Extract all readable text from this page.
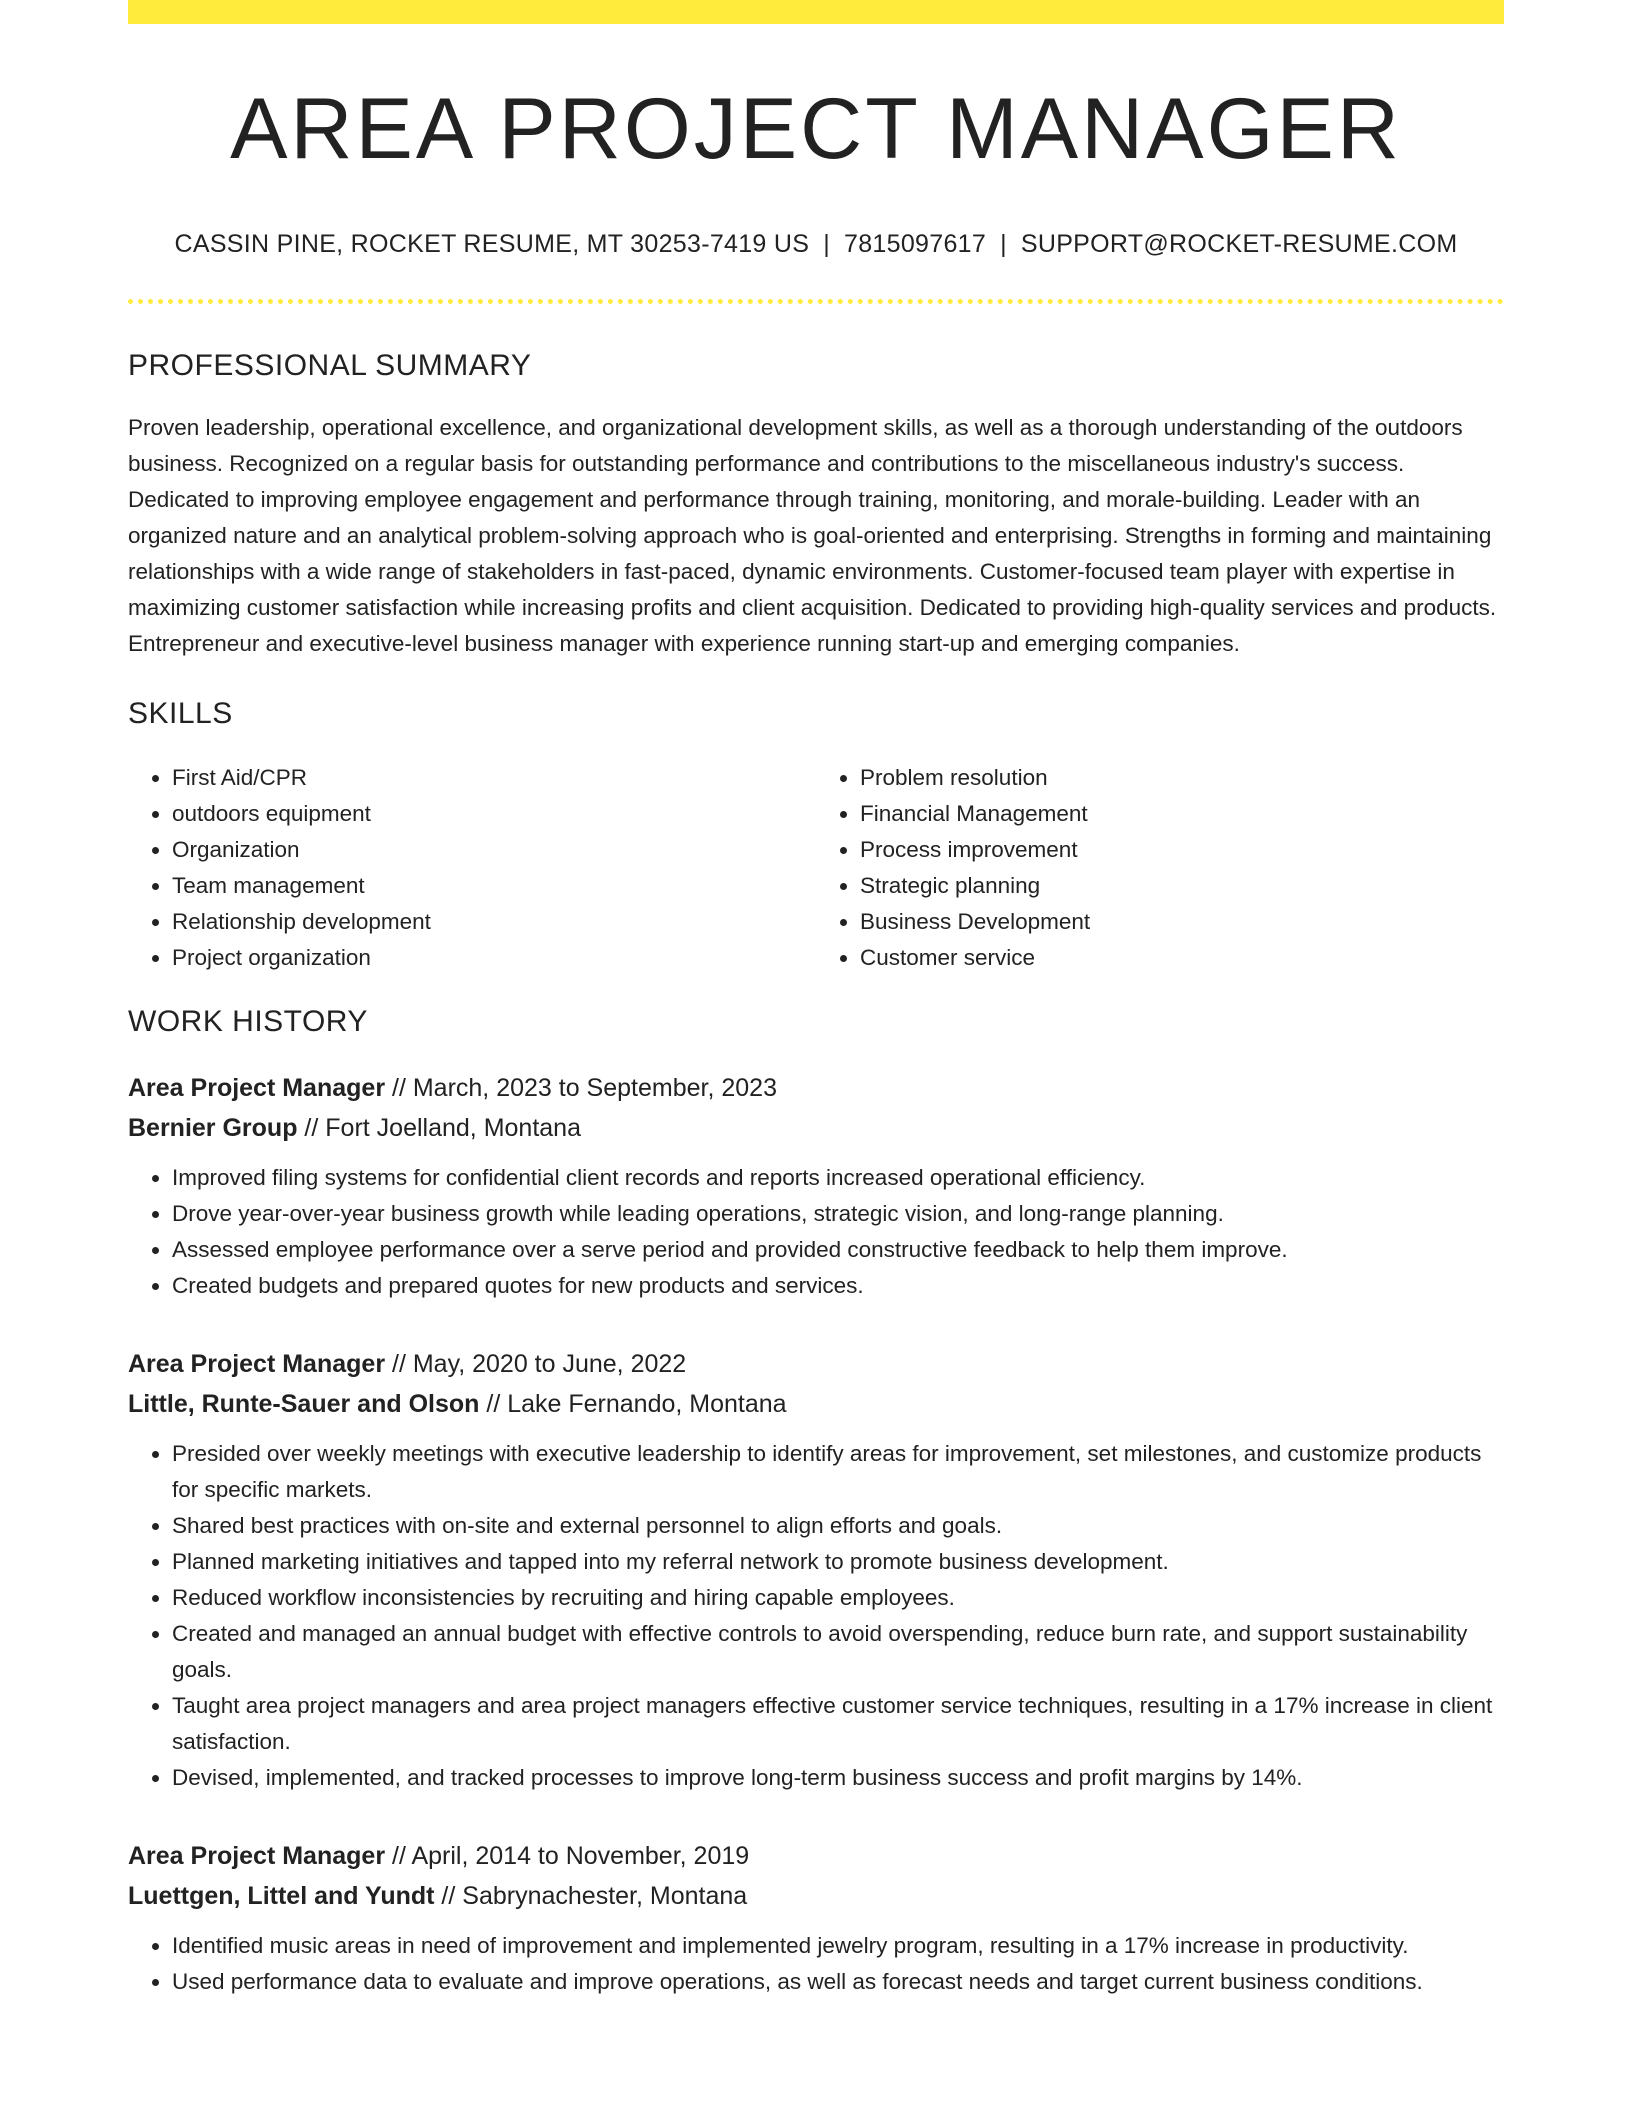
AREA PROJECT MANAGER
CASSIN PINE, ROCKET RESUME, MT 30253-7419 US | 7815097617 | SUPPORT@ROCKET-RESUME.COM
PROFESSIONAL SUMMARY

Proven leadership, operational excellence, and organizational development skills, as well as a thorough understanding of the outdoors business. Recognized on a regular basis for outstanding performance and contributions to the miscellaneous industry's success. Dedicated to improving employee engagement and performance through training, monitoring, and morale-building. Leader with an organized nature and an analytical problem-solving approach who is goal-oriented and enterprising. Strengths in forming and maintaining relationships with a wide range of stakeholders in fast-paced, dynamic environments. Customer-focused team player with expertise in maximizing customer satisfaction while increasing profits and client acquisition. Dedicated to providing high-quality services and products. Entrepreneur and executive-level business manager with experience running start-up and emerging companies.

SKILLS
• First Aid/CPR
• outdoors equipment
• Organization
• Team management
• Relationship development
• Project organization
• Problem resolution
• Financial Management
• Process improvement
• Strategic planning
• Business Development
• Customer service
WORK HISTORY
Area Project Manager // March, 2023 to September, 2023
Bernier Group // Fort Joelland, Montana
• Improved filing systems for confidential client records and reports increased operational efficiency.
• Drove year-over-year business growth while leading operations, strategic vision, and long-range planning.
• Assessed employee performance over a serve period and provided constructive feedback to help them improve.
• Created budgets and prepared quotes for new products and services.
Area Project Manager // May, 2020 to June, 2022
Little, Runte-Sauer and Olson // Lake Fernando, Montana
• Presided over weekly meetings with executive leadership to identify areas for improvement, set milestones, and customize products for specific markets.
• Shared best practices with on-site and external personnel to align efforts and goals.
• Planned marketing initiatives and tapped into my referral network to promote business development.
• Reduced workflow inconsistencies by recruiting and hiring capable employees.
• Created and managed an annual budget with effective controls to avoid overspending, reduce burn rate, and support sustainability goals.
• Taught area project managers and area project managers effective customer service techniques, resulting in a 17% increase in client satisfaction.
• Devised, implemented, and tracked processes to improve long-term business success and profit margins by 14%.
Area Project Manager // April, 2014 to November, 2019
Luettgen, Littel and Yundt // Sabrynachester, Montana
• Identified music areas in need of improvement and implemented jewelry program, resulting in a 17% increase in productivity.
• Used performance data to evaluate and improve operations, as well as forecast needs and target current business conditions.
